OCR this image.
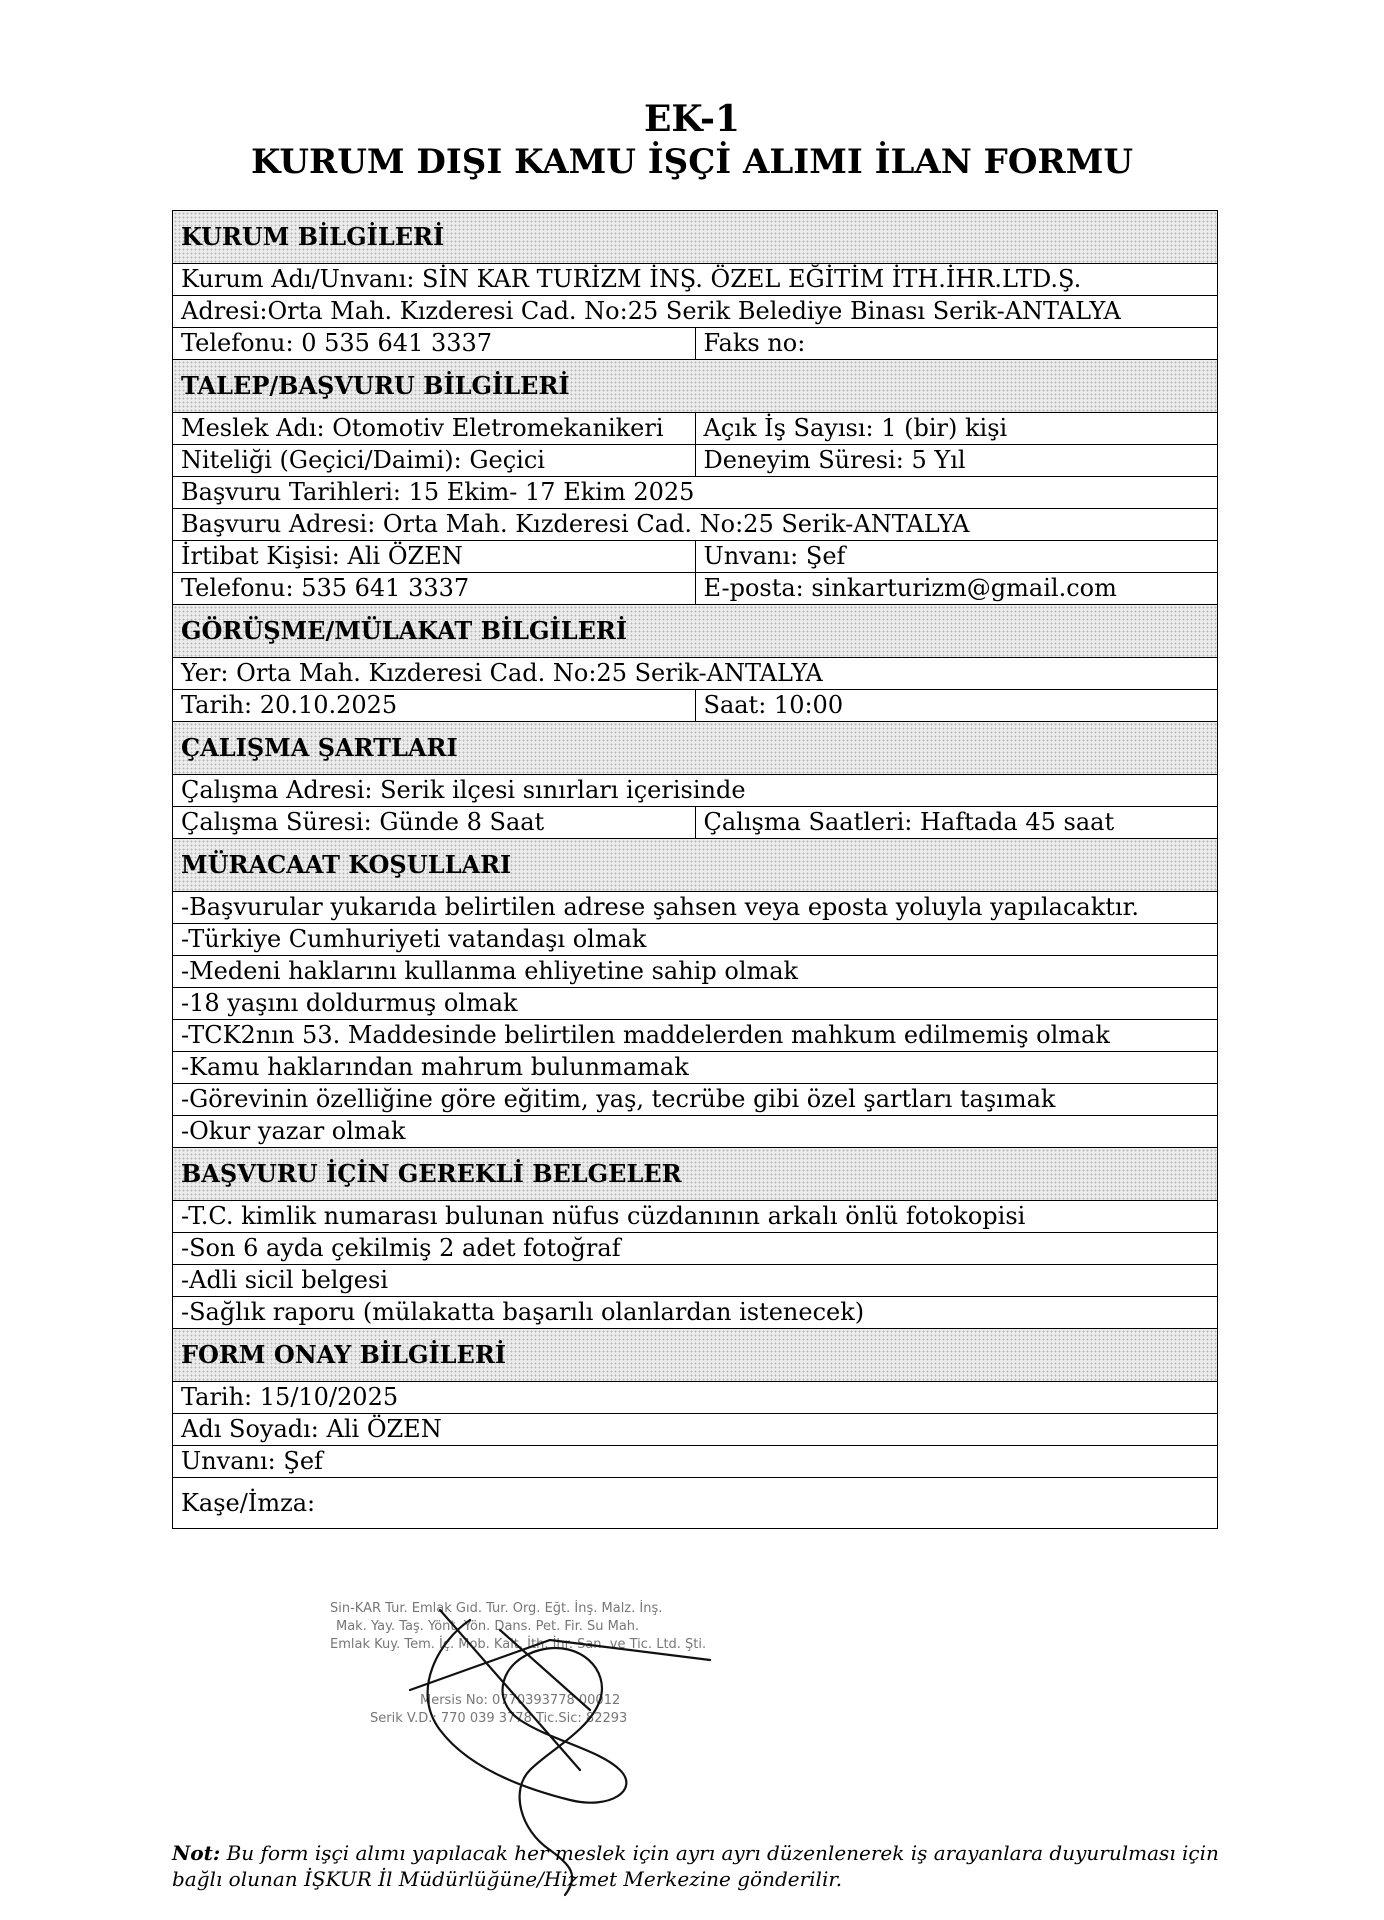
EK-1
KURUM DIŞI KAMU İŞÇİ ALIMI İLAN FORMU
KURUM BİLGİLERİ	
Kurum Adı/Unvanı: SİN KAR TURİZM İNŞ. ÖZEL EĞİTİM İTH.İHR.LTD.Ş.	
Adresi:Orta Mah. Kızderesi Cad. No:25 Serik Belediye Binası Serik-ANTALYA	
Telefonu: 0 535 641 3337	Faks no:
TALEP/BAŞVURU BİLGİLERİ	
Meslek Adı: Otomotiv Eletromekanikeri	Açık İş Sayısı: 1 (bir) kişi
Niteliği (Geçici/Daimi): Geçici	Deneyim Süresi: 5 Yıl
Başvuru Tarihleri: 15 Ekim- 17 Ekim 2025	
Başvuru Adresi: Orta Mah. Kızderesi Cad. No:25 Serik-ANTALYA	
İrtibat Kişisi: Ali ÖZEN	Unvanı: Şef
Telefonu: 535 641 3337	E-posta: sinkarturizm@gmail.com
GÖRÜŞME/MÜLAKAT BİLGİLERİ	
Yer: Orta Mah. Kızderesi Cad. No:25 Serik-ANTALYA	
Tarih: 20.10.2025	Saat: 10:00
ÇALIŞMA ŞARTLARI	
Çalışma Adresi: Serik ilçesi sınırları içerisinde	
Çalışma Süresi: Günde 8 Saat	Çalışma Saatleri: Haftada 45 saat
MÜRACAAT KOŞULLARI	
-Başvurular yukarıda belirtilen adrese şahsen veya eposta yoluyla yapılacaktır.	
-Türkiye Cumhuriyeti vatandaşı olmak	
-Medeni haklarını kullanma ehliyetine sahip olmak	
-18 yaşını doldurmuş olmak	
-TCK2nın 53. Maddesinde belirtilen maddelerden mahkum edilmemiş olmak	
-Kamu haklarından mahrum bulunmamak	
-Görevinin özelliğine göre eğitim, yaş, tecrübe gibi özel şartları taşımak	
-Okur yazar olmak	
BAŞVURU İÇİN GEREKLİ BELGELER	
-T.C. kimlik numarası bulunan nüfus cüzdanının arkalı önlü fotokopisi	
-Son 6 ayda çekilmiş 2 adet fotoğraf	
-Adli sicil belgesi	
-Sağlık raporu (mülakatta başarılı olanlardan istenecek)	
FORM ONAY BİLGİLERİ	
Tarih: 15/10/2025	
Adı Soyadı: Ali ÖZEN	
Unvanı: Şef	
Kaşe/İmza:	
Sin-KAR Tur. Emlak Gıd. Tur. Org. Eğt. İnş. Malz. İnş.
Mak. Yay. Taş. Yönt. Yön. Dans. Pet. Fir. Su Mah.
Emlak Kuy. Tem. İç. Mob. Kalt. İth. İhr. San. ve Tic. Ltd. Şti.
Mersis No: 0770393778 00012
Serik V.D.: 770 039 3778 Tic.Sic: 82293
Not: Bu form işçi alımı yapılacak her meslek için ayrı ayrı düzenlenerek iş arayanlara duyurulması için bağlı olunan İŞKUR İl Müdürlüğüne/Hizmet Merkezine gönderilir.
